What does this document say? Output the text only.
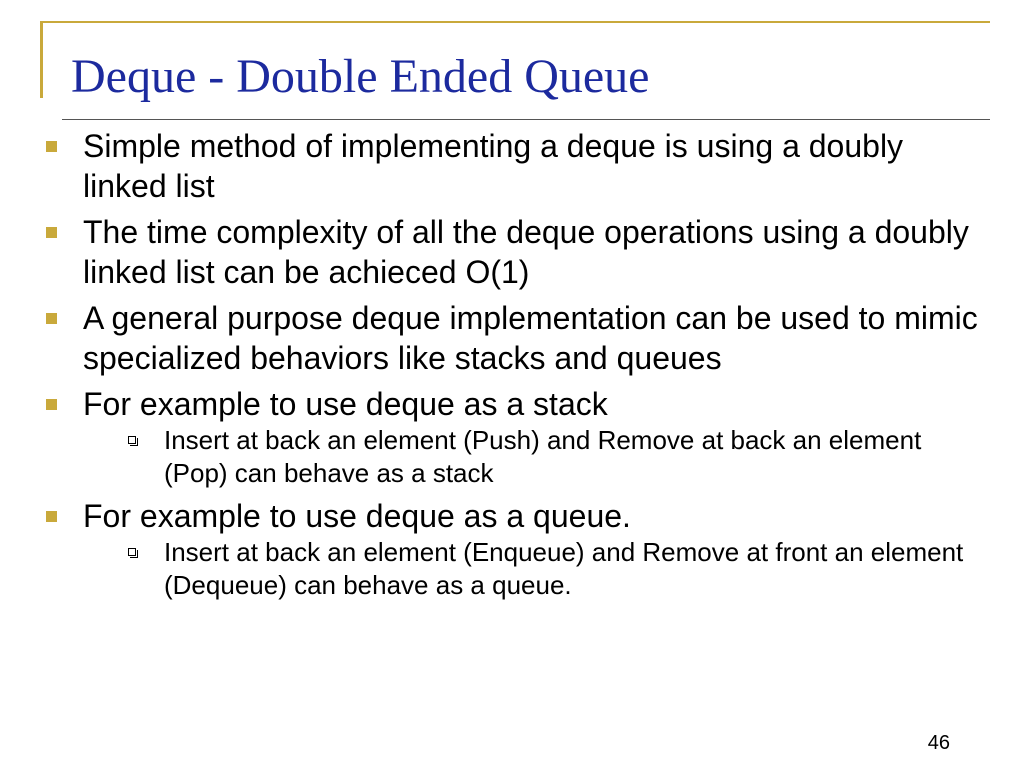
Deque - Double Ended Queue
Simple method of implementing a deque is using a doubly linked list
The time complexity of all the deque operations using a doubly linked list can be achieced O(1)
A general purpose deque implementation can be used to mimic specialized behaviors like stacks and queues
For example to use deque as a stack
Insert at back an element (Push) and Remove at back an element (Pop) can behave as a stack
For example to use deque as a queue.
Insert at back an element (Enqueue) and Remove at front an element (Dequeue) can behave as a queue.
46
